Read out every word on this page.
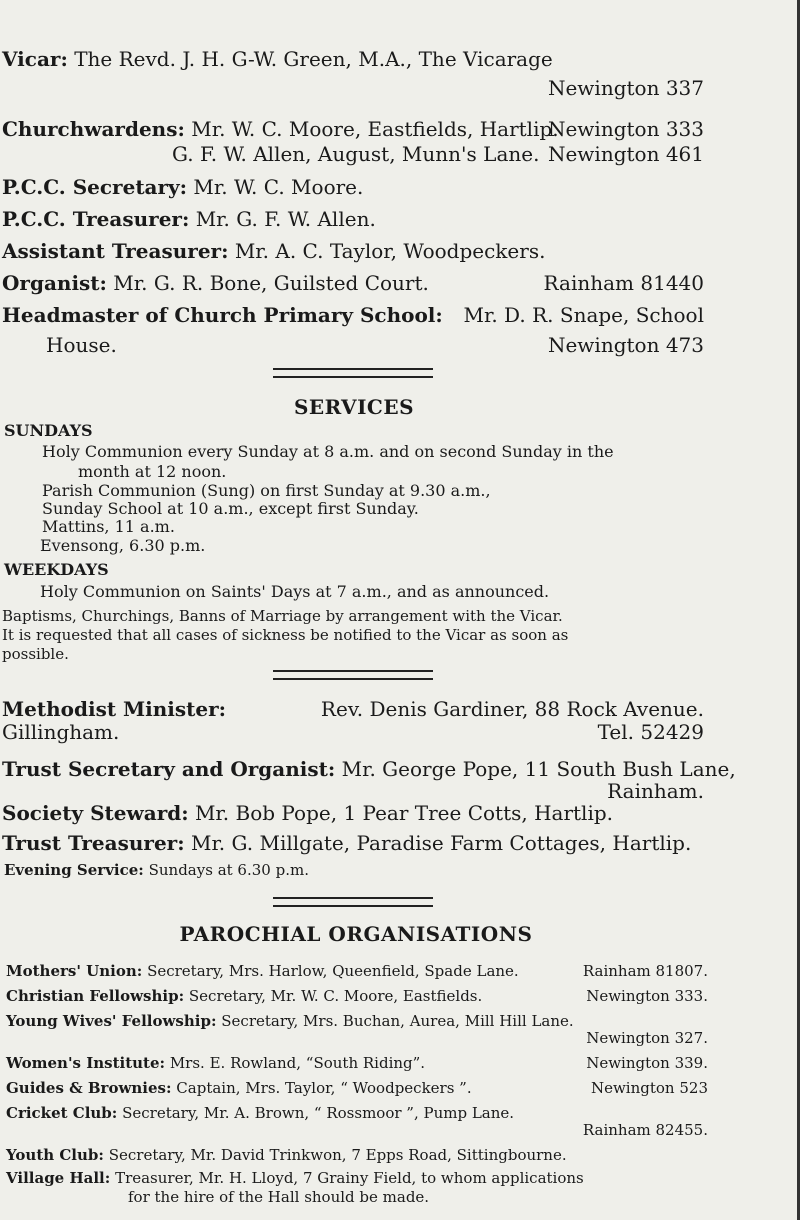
Vicar: The Revd. J. H. G-W. Green, M.A., The Vicarage
Newington 337
Churchwardens: Mr. W. C. Moore, Eastfields, Hartlip.
Newington 333
G. F. W. Allen, August, Munn's Lane. Newington 461
P.C.C. Secretary: Mr. W. C. Moore.
P.C.C. Treasurer: Mr. G. F. W. Allen.
Assistant Treasurer: Mr. A. C. Taylor, Woodpeckers.
Organist: Mr. G. R. Bone, Guilsted Court.	Rainham 81440
Headmaster of Church Primary School: Mr. D. R. Snape, School
House.	Newington 473
SERVICES
SUNDAYS
Holy Communion every Sunday at 8 a.m. and on second Sunday in the
month at 12 noon.
Parish Communion (Sung) on first Sunday at 9.30 a.m.,
Sunday School at 10 a.m., except first Sunday.
Mattins, 11 a.m.
Evensong, 6.30 p.m.
WEEKDAYS
Holy Communion on Saints' Days at 7 a.m., and as announced.
Baptisms, Churchings, Banns of Marriage by arrangement with the Vicar.
It is requested that all cases of sickness be notified to the Vicar as soon as
possible.
Methodist Minister:	Rev. Denis Gardiner, 88 Rock Avenue.
Gillingham.	Tel. 52429
Trust Secretary and Organist: Mr. George Pope, 11 South Bush Lane,
Rainham.
Society Steward: Mr. Bob Pope, 1 Pear Tree Cotts, Hartlip.
Trust Treasurer: Mr. G. Millgate, Paradise Farm Cottages, Hartlip.
Evening Service: Sundays at 6.30 p.m.
PAROCHIAL ORGANISATIONS
Mothers' Union: Secretary, Mrs. Harlow, Queenfield, Spade Lane.	Rainham 81807.
Christian Fellowship: Secretary, Mr. W. C. Moore, Eastfields.	Newington 333.
Young Wives' Fellowship: Secretary, Mrs. Buchan, Aurea, Mill Hill Lane.
Newington 327.
Women's Institute: Mrs. E. Rowland, “South Riding”.	Newington 339.
Guides & Brownies: Captain, Mrs. Taylor, “ Woodpeckers ”.	Newington 523
Cricket Club: Secretary, Mr. A. Brown, “ Rossmoor ”, Pump Lane.
Rainham 82455.
Youth Club: Secretary, Mr. David Trinkwon, 7 Epps Road, Sittingbourne.
Village Hall: Treasurer, Mr. H. Lloyd, 7 Grainy Field, to whom applications
for the hire of the Hall should be made.
